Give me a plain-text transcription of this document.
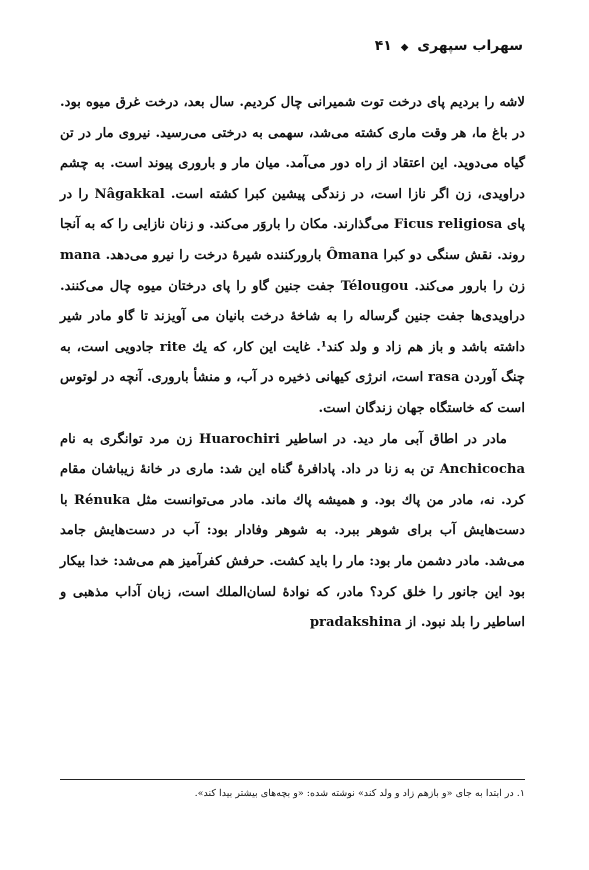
سهراب سپهری ◆ ۴۱

لاشه را برديم پاى درخت توت شميرانى چال كرديم. سال بعد، درخت غرق ميوه بود. در باغ ما، هر وقت مارى كشته مى‌شد، سهمى به درختى مى‌رسيد. نيروى مار در تن گياه مى‌دويد. اين اعتقاد از راه دور مى‌آمد. ميان مار و بارورى پيوند است. به چشم دراويدى، زن اگر نازا است، در زندگى پيشين كبرا كشته است. Nâgakkal را در پاى Ficus religiosa مى‌گذارند. مكان را باروَر مى‌كند. و زنان نازايى را كه به آنجا روند. نقش سنگى دو كبرا Ômana بارورکننده شيرهٔ درخت را نيرو مى‌دهد. mana زن را بارور مى‌كند. Télougou جفت جنين گاو را پاى درختان ميوه چال مى‌كنند. دراويدى‌ها جفت جنين گرساله را به شاخهٔ درخت بانيان مى آويزند تا گاو مادر شير داشته باشد و باز هم زاد و ولد كند¹. غايت اين كار، كه يك rite جادويى است، به چنگ آوردن rasa است، انرژى كيهانى ذخيره در آب، و منشأ بارورى. آنچه در لوتوس است كه خاستگاه جهان زندگان است.

مادر در اطاق آبى مار ديد. در اساطير Huarochiri زن مرد توانگرى به نام Anchicocha تن به زنا در داد. پادافرهٔ گناه اين شد: مارى در خانهٔ زيباشان مقام كرد. نه، مادر من پاك بود. و هميشه پاك ماند. مادر مى‌توانست مثل Rénuka با دست‌هايش آب براى شوهر ببرد. به شوهر وفادار بود: آب در دست‌هايش جامد مى‌شد. مادر دشمن مار بود: مار را بايد كشت. حرفش كفرآميز هم مى‌شد: خدا بيكار بود اين جانور را خلق كرد؟ مادر، كه نوادهٔ لسان‌الملك است، زبان آداب مذهبى و اساطير را بلد نبود. از pradakshina

١. در ابتدا به جاى «و بازهم زاد و ولد كند» نوشته شده: «و بچه‌هاى بيشتر بيدا كند».
